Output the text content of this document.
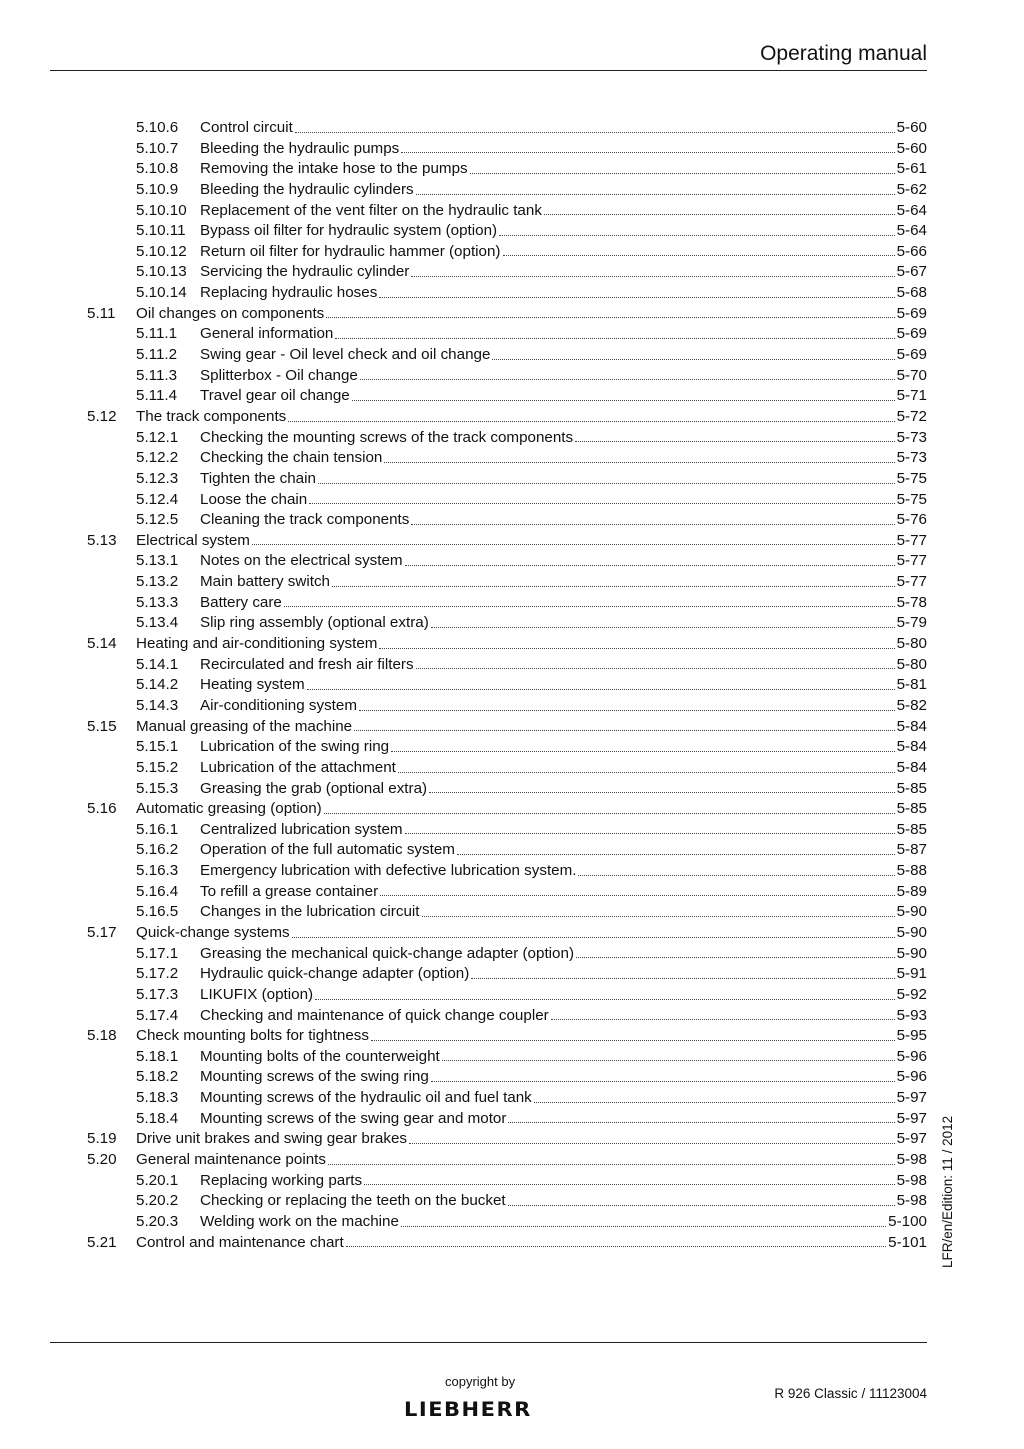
Operating manual
5.10.6	Control circuit	5-60
5.10.7	Bleeding the hydraulic pumps	5-60
5.10.8	Removing the intake hose to the pumps	5-61
5.10.9	Bleeding the hydraulic cylinders	5-62
5.10.10 Replacement of the vent filter on the hydraulic tank	5-64
5.10.11 Bypass oil filter for hydraulic system (option)	5-64
5.10.12 Return oil filter for hydraulic hammer (option)	5-66
5.10.13 Servicing the hydraulic cylinder	5-67
5.10.14 Replacing hydraulic hoses	5-68
5.11	Oil changes on components	5-69
5.11.1	General information	5-69
5.11.2	Swing gear - Oil level check and oil change	5-69
5.11.3	Splitterbox - Oil change	5-70
5.11.4	Travel gear oil change	5-71
5.12	The track components	5-72
5.12.1	Checking the mounting screws of the track components	5-73
5.12.2	Checking the chain tension	5-73
5.12.3	Tighten the chain	5-75
5.12.4	Loose the chain	5-75
5.12.5	Cleaning the track components	5-76
5.13	Electrical system	5-77
5.13.1	Notes on the electrical system	5-77
5.13.2	Main battery switch	5-77
5.13.3	Battery care	5-78
5.13.4	Slip ring assembly (optional extra)	5-79
5.14	Heating and air-conditioning system	5-80
5.14.1	Recirculated and fresh air filters	5-80
5.14.2	Heating system	5-81
5.14.3	Air-conditioning system	5-82
5.15	Manual greasing of the machine	5-84
5.15.1	Lubrication of the swing ring	5-84
5.15.2	Lubrication of the attachment	5-84
5.15.3	Greasing the grab (optional extra)	5-85
5.16	Automatic greasing (option)	5-85
5.16.1	Centralized lubrication system	5-85
5.16.2	Operation of the full automatic system	5-87
5.16.3	Emergency lubrication with defective lubrication system.	5-88
5.16.4	To refill a grease container	5-89
5.16.5	Changes in the lubrication circuit	5-90
5.17	Quick-change systems	5-90
5.17.1	Greasing the mechanical quick-change adapter (option)	5-90
5.17.2	Hydraulic quick-change adapter (option)	5-91
5.17.3	LIKUFIX (option)	5-92
5.17.4	Checking and maintenance of quick change coupler	5-93
5.18	Check mounting bolts for tightness	5-95
5.18.1	Mounting bolts of the counterweight	5-96
5.18.2	Mounting screws of the swing ring	5-96
5.18.3	Mounting screws of the hydraulic oil and fuel tank	5-97
5.18.4	Mounting screws of the swing gear and motor	5-97
5.19	Drive unit brakes and swing gear brakes	5-97
5.20	General maintenance points	5-98
5.20.1	Replacing working parts	5-98
5.20.2	Checking or replacing the teeth on the bucket	5-98
5.20.3	Welding work on the machine	5-100
5.21	Control and maintenance chart	5-101 LFR/en/Edition: 11 / 2012
copyright by
LIEBHERR
R 926 Classic / 11123004
